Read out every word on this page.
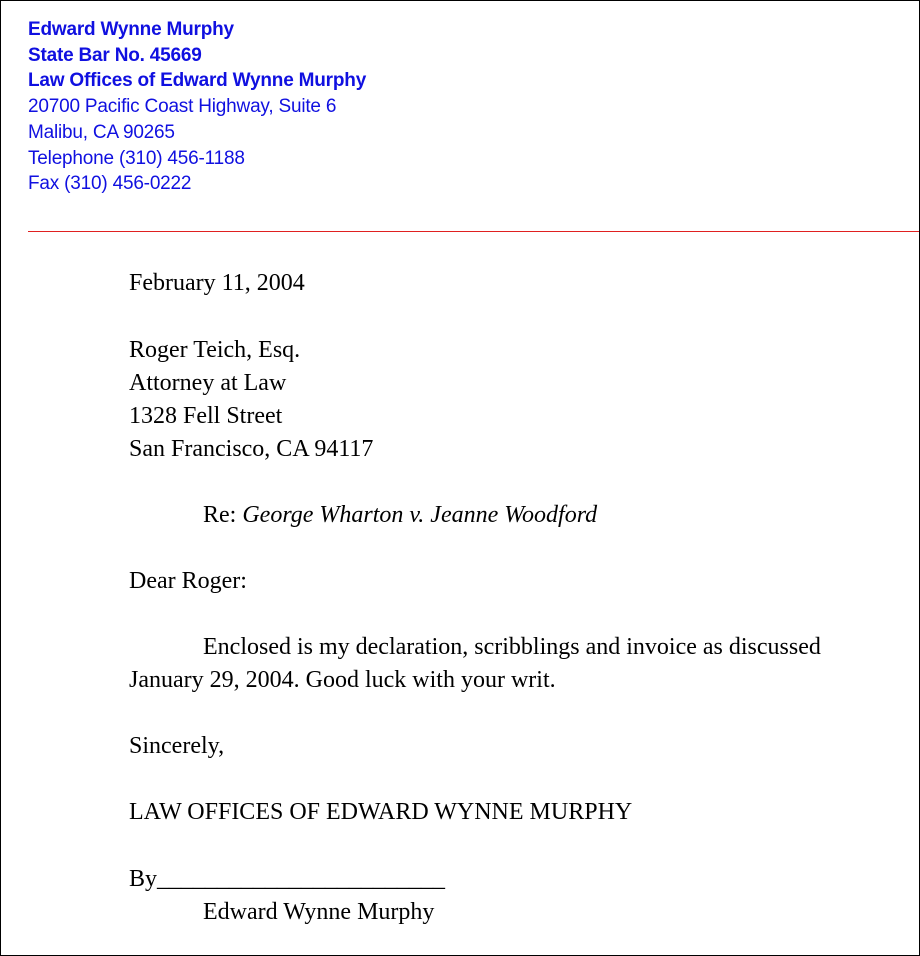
Edward Wynne Murphy
State Bar No. 45669
Law Offices of Edward Wynne Murphy
20700 Pacific Coast Highway, Suite 6
Malibu, CA 90265
Telephone (310) 456-1188
Fax (310) 456-0222
February 11, 2004
Roger Teich, Esq.
Attorney at Law
1328 Fell Street
San Francisco, CA 94117
Re: George Wharton v. Jeanne Woodford
Dear Roger:
Enclosed is my declaration, scribblings and invoice as discussed
January 29, 2004. Good luck with your writ.
Sincerely,
LAW OFFICES OF EDWARD WYNNE MURPHY
By________________________
Edward Wynne Murphy
